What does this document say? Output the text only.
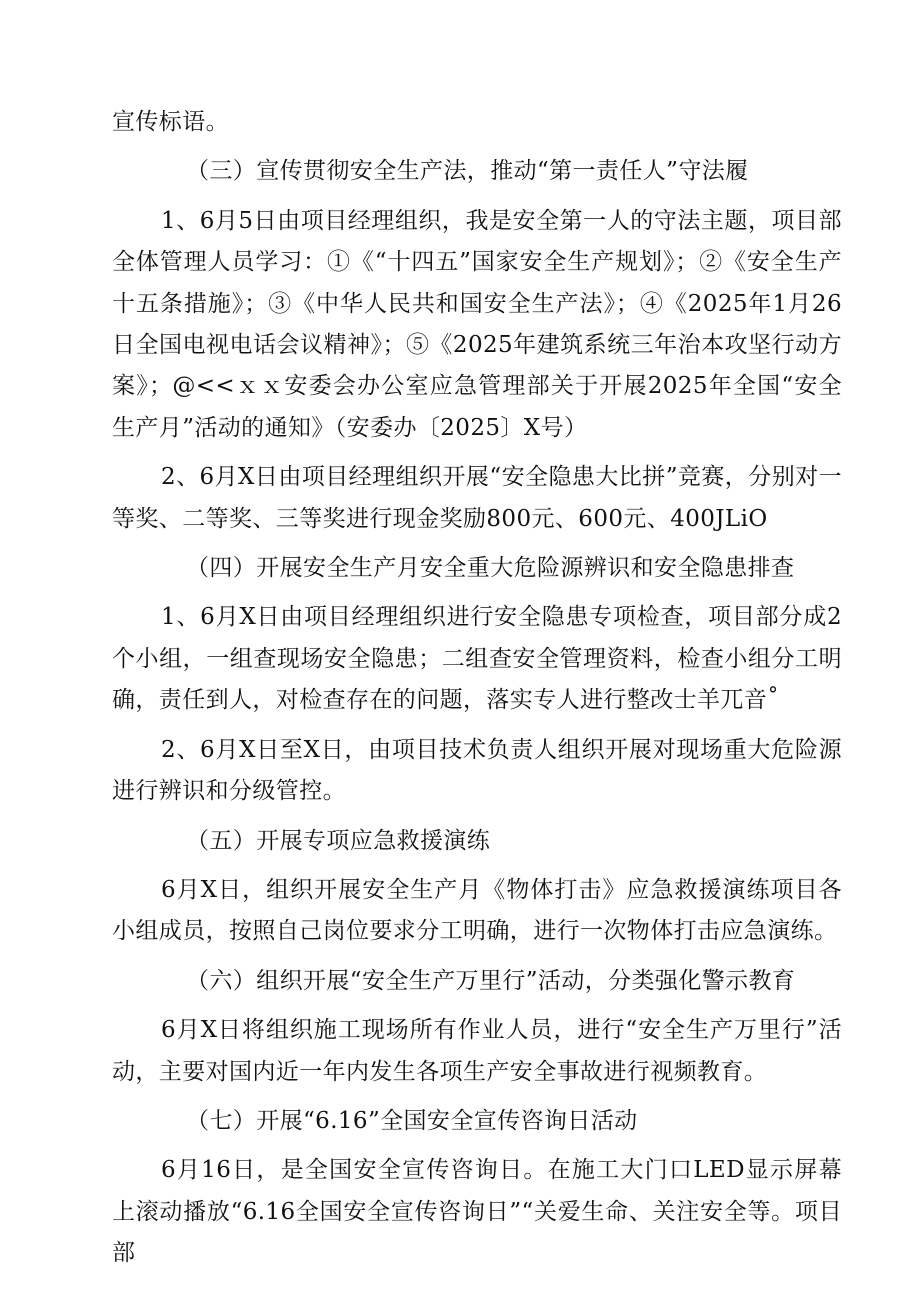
宣传标语。

（三）宣传贯彻安全生产法，推动“第一责任人”守法履

1、6月5日由项目经理组织，我是安全第一人的守法主题，项目部全体管理人员学习：①《“十四五”国家安全生产规划》；②《安全生产十五条措施》；③《中华人民共和国安全生产法》；④《2025年1月26日全国电视电话会议精神》；⑤《2025年建筑系统三年治本攻坚行动方案》；@<<ｘｘ安委会办公室应急管理部关于开展2025年全国“安全生产月”活动的通知》（安委办〔2025〕X号）

2、6月X日由项目经理组织开展“安全隐患大比拼”竞赛，分别对一等奖、二等奖、三等奖进行现金奖励800元、600元、400JLiO

（四）开展安全生产月安全重大危险源辨识和安全隐患排查

1、6月X日由项目经理组织进行安全隐患专项检查，项目部分成2个小组，一组查现场安全隐患；二组查安全管理资料，检查小组分工明确，责任到人，对检查存在的问题，落实专人进行整改士羊兀音˚

2、6月X日至X日，由项目技术负责人组织开展对现场重大危险源进行辨识和分级管控。

（五）开展专项应急救援演练

6月X日，组织开展安全生产月《物体打击》应急救援演练项目各小组成员，按照自己岗位要求分工明确，进行一次物体打击应急演练。

（六）组织开展“安全生产万里行”活动，分类强化警示教育

6月X日将组织施工现场所有作业人员，进行“安全生产万里行”活动，主要对国内近一年内发生各项生产安全事故进行视频教育。

（七）开展“6.16”全国安全宣传咨询日活动

6月16日，是全国安全宣传咨询日。在施工大门口LED显示屏幕上滚动播放“6.16全国安全宣传咨询日”“关爱生命、关注安全等。项目部
